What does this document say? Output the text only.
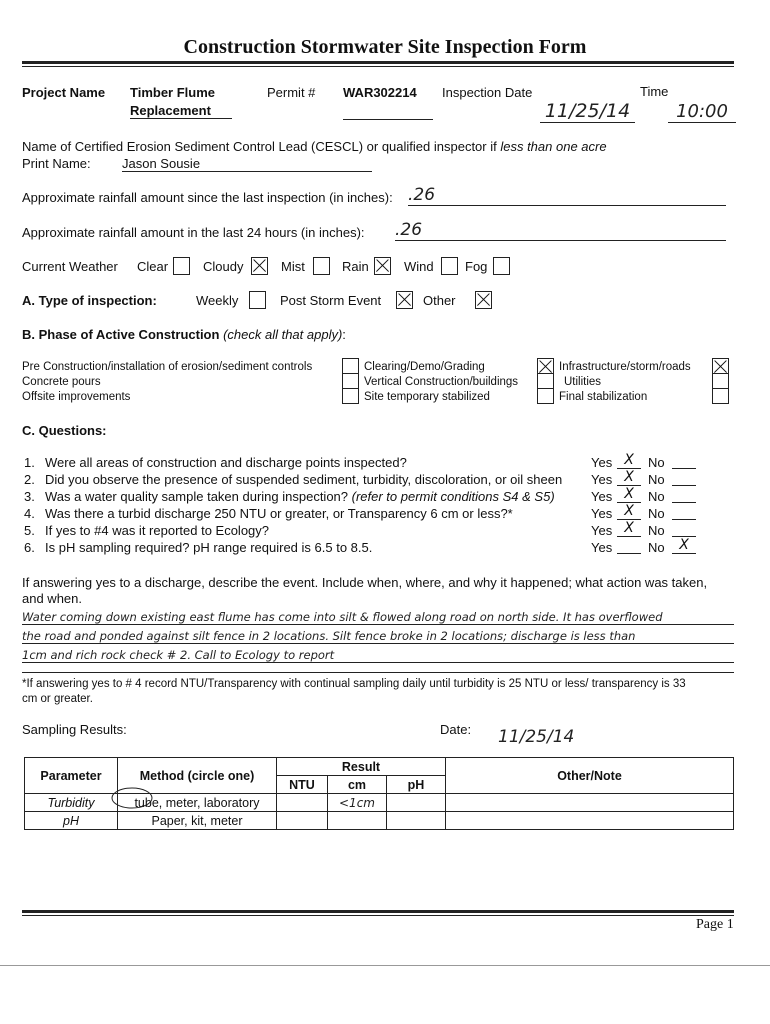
Construction Stormwater Site Inspection Form
Project Name Timber Flume
Replacement
Permit # WAR302214 Inspection Date
11/25/14
Time
10:00
Name of Certified Erosion Sediment Control Lead (CESCL) or qualified inspector if less than one acre
Print Name: Jason Sousie
Approximate rainfall amount since the last inspection (in inches): .26
Approximate rainfall amount in the last 24 hours (in inches): .26
Current Weather Clear	Cloudy	Mist	Rain	Wind Fog
A. Type of inspection:	Weekly	Post Storm Event	Other
B. Phase of Active Construction (check all that apply):
Pre Construction/installation of erosion/sediment controls
Concrete pours
Offsite improvements
Clearing/Demo/Grading
Vertical Construction/buildings
Site temporary stabilized
Infrastructure/storm/roads
Utilities
Final stabilization
C. Questions:
1. Were all areas of construction and discharge points inspected?	Yes X	No
2. Did you observe the presence of suspended sediment, turbidity, discoloration, or oil sheen Yes X	No
3. Was a water quality sample taken during inspection? (refer to permit conditions S4 & S5)	Yes X	No
4. Was there a turbid discharge 250 NTU or greater, or Transparency 6 cm or less?*	Yes X	No
5. If yes to #4 was it reported to Ecology?	Yes X	No
6. Is pH sampling required? pH range required is 6.5 to 8.5.	Yes	No	X
If answering yes to a discharge, describe the event. Include when, where, and why it happened; what action was taken,
and when.
Water coming down existing east flume has come into silt & flowed along road on north side. It has overflowed
the road and ponded against silt fence in 2 locations. Silt fence broke in 2 locations; discharge is less than
1cm and rich rock check # 2. Call to Ecology to report
*If answering yes to # 4 record NTU/Transparency with continual sampling daily until turbidity is 25 NTU or less/ transparency is 33
cm or greater.
Sampling Results:	Date: 11/25/14
Parameter	Method (circle one)	Result			Other/Note
		NTU	cm	pH	
Turbidity	tube, meter, laboratory		<1cm		
pH	Paper, kit, meter				
Page 1
